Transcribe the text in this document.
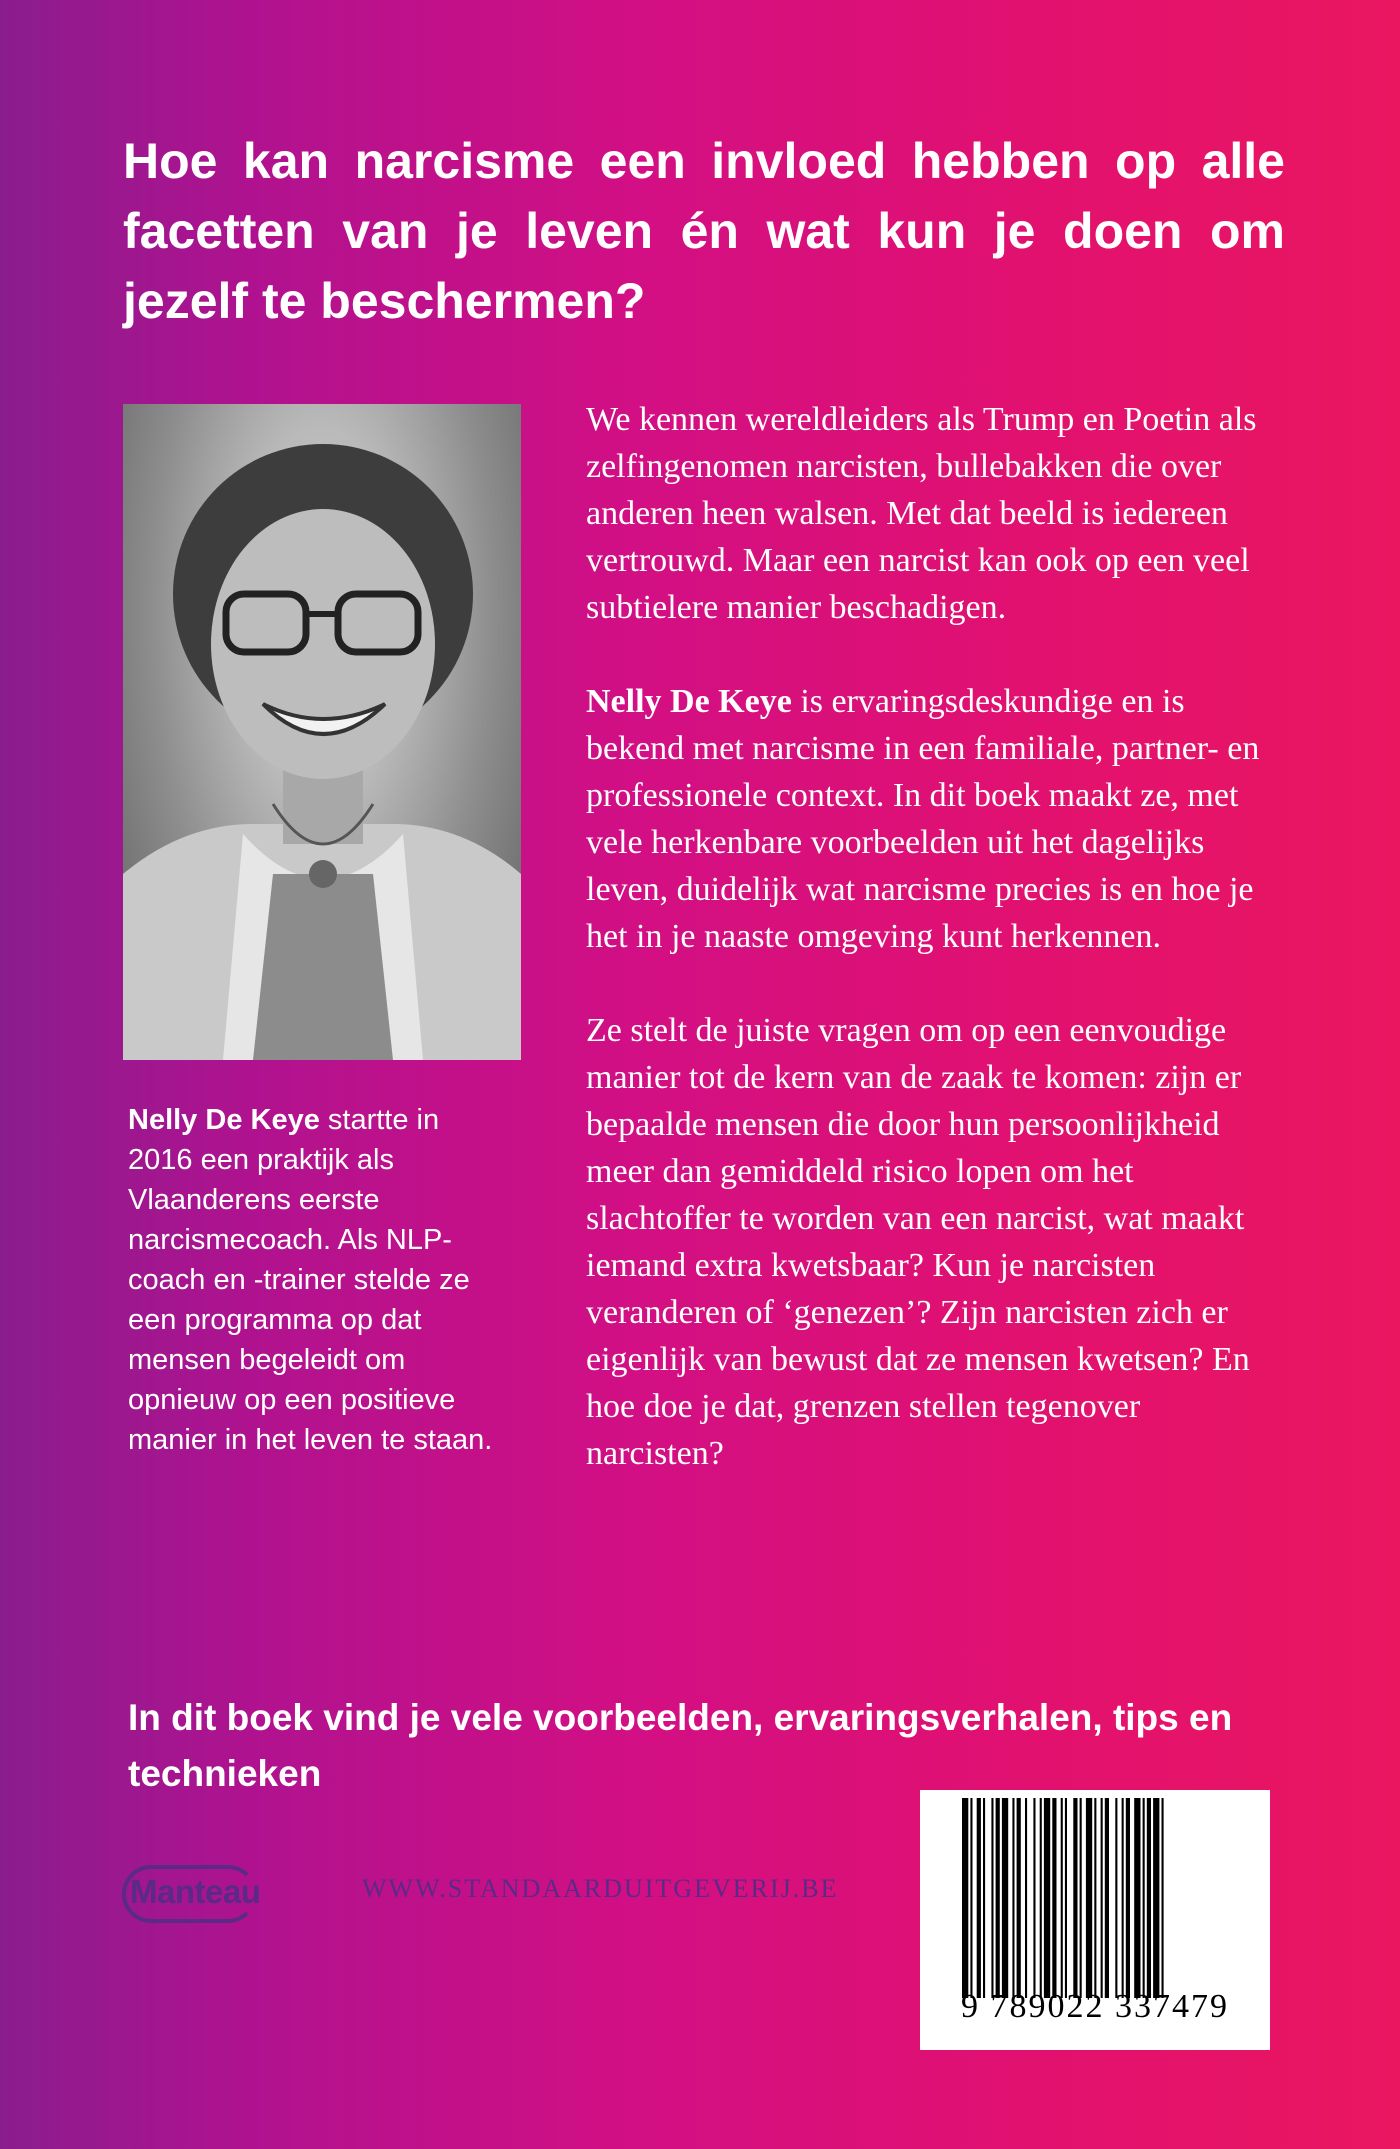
Hoe kan narcisme een invloed hebben op alle facetten van je leven én wat kun je doen om jezelf te beschermen?

Nelly De Keye startte in 2016 een praktijk als Vlaanderens eerste narcismecoach. Als NLP-coach en -trainer stelde ze een programma op dat mensen begeleidt om opnieuw op een positieve manier in het leven te staan.

We kennen wereldleiders als Trump en Poetin als zelfingenomen narcisten, bullebakken die over anderen heen walsen. Met dat beeld is iedereen vertrouwd. Maar een narcist kan ook op een veel subtielere manier beschadigen.

Nelly De Keye is ervaringsdeskundige en is bekend met narcisme in een familiale, partner- en professionele context. In dit boek maakt ze, met vele herkenbare voorbeelden uit het dagelijks leven, duidelijk wat narcisme precies is en hoe je het in je naaste omgeving kunt herkennen.

Ze stelt de juiste vragen om op een eenvoudige manier tot de kern van de zaak te komen: zijn er bepaalde mensen die door hun persoonlijkheid meer dan gemiddeld risico lopen om het slachtoffer te worden van een narcist, wat maakt iemand extra kwetsbaar? Kun je narcisten veranderen of ‘genezen’? Zijn narcisten zich er eigenlijk van bewust dat ze mensen kwetsen? En hoe doe je dat, grenzen stellen tegenover narcisten?

In dit boek vind je vele voorbeelden, ervaringsverhalen, tips en technieken

Manteau	WWW.STANDAARDUITGEVERIJ.BE
9 789022 337479
